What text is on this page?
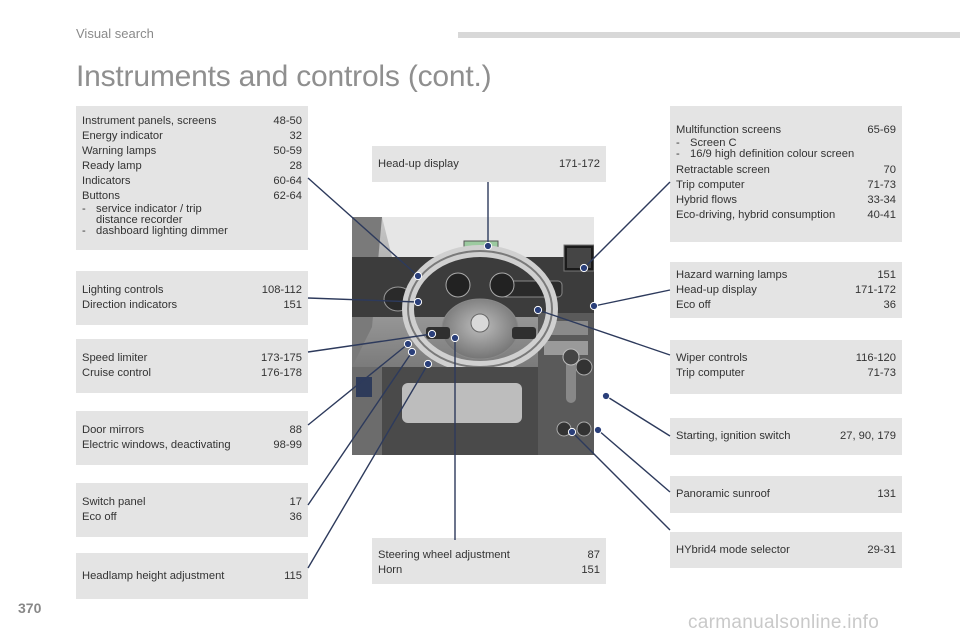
Visual search
Instruments and controls (cont.)
Instrument panels, screens	48-50
Energy indicator	32
Warning lamps	50-59
Ready lamp	28
Indicators	60-64
Buttons	62-64
- service indicator / trip distance recorder
- dashboard lighting dimmer
Lighting controls	108-112
Direction indicators	151
Speed limiter	173-175
Cruise control	176-178
Door mirrors	88
Electric windows, deactivating	98-99
Switch panel	17
Eco off	36
Headlamp height adjustment	115
Head-up display	171-172
Steering wheel adjustment	87
Horn	151
Multifunction screens	65-69
- Screen C
- 16/9 high definition colour screen
Retractable screen	70
Trip computer	71-73
Hybrid flows	33-34
Eco-driving, hybrid consumption	40-41
Hazard warning lamps	151
Head-up display	171-172
Eco off	36
Wiper controls	116-120
Trip computer	71-73
Starting, ignition switch	27, 90, 179
Panoramic sunroof	131
HYbrid4 mode selector	29-31
370
carmanualsonline.info
